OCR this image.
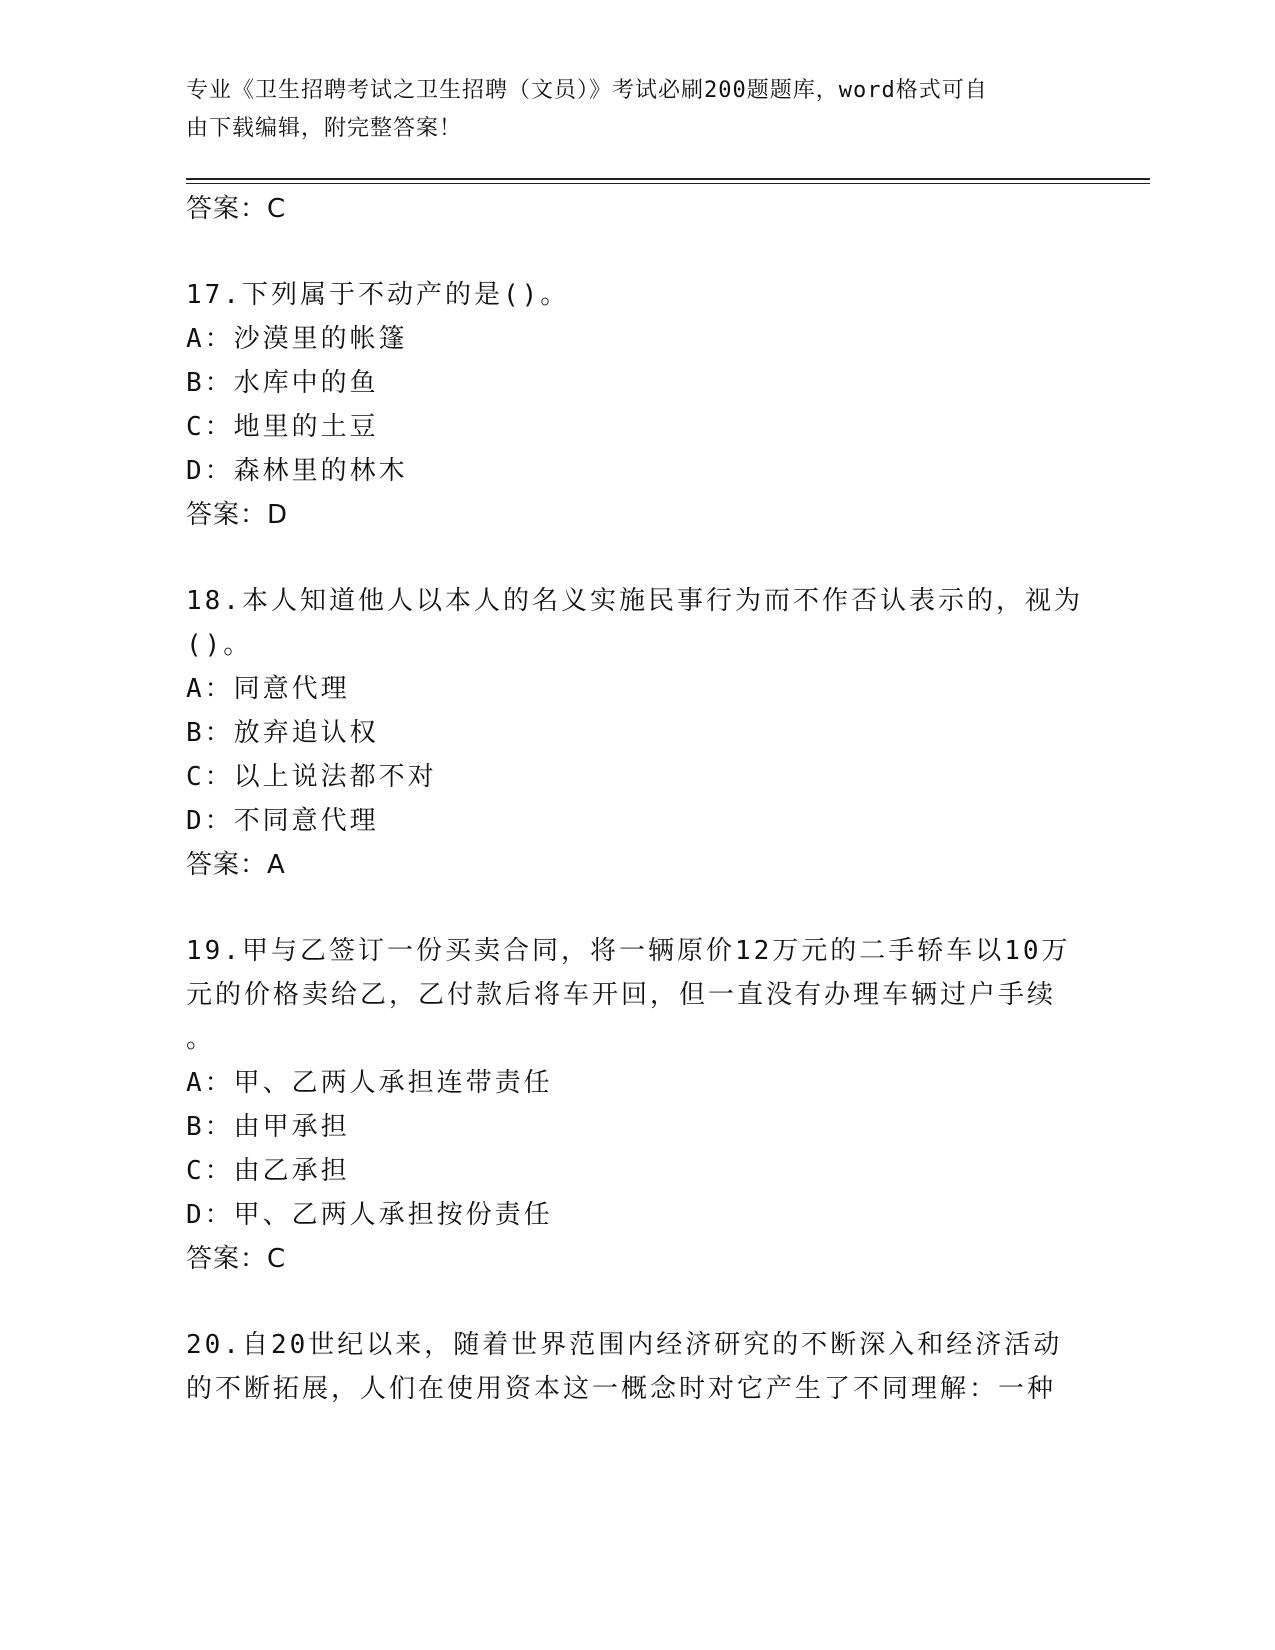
专业《卫生招聘考试之卫生招聘（文员）》考试必刷200题题库，word格式可自
由下载编辑，附完整答案！
答案：C
17.下列属于不动产的是()。
A：沙漠里的帐篷
B：水库中的鱼
C：地里的土豆
D：森林里的林木
答案：D
18.本人知道他人以本人的名义实施民事行为而不作否认表示的，视为
()。
A：同意代理
B：放弃追认权
C：以上说法都不对
D：不同意代理
答案：A
19.甲与乙签订一份买卖合同，将一辆原价12万元的二手轿车以10万
元的价格卖给乙，乙付款后将车开回，但一直没有办理车辆过户手续
。
A：甲、乙两人承担连带责任
B：由甲承担
C：由乙承担
D：甲、乙两人承担按份责任
答案：C
20.自20世纪以来，随着世界范围内经济研究的不断深入和经济活动
的不断拓展，人们在使用资本这一概念时对它产生了不同理解：一种
